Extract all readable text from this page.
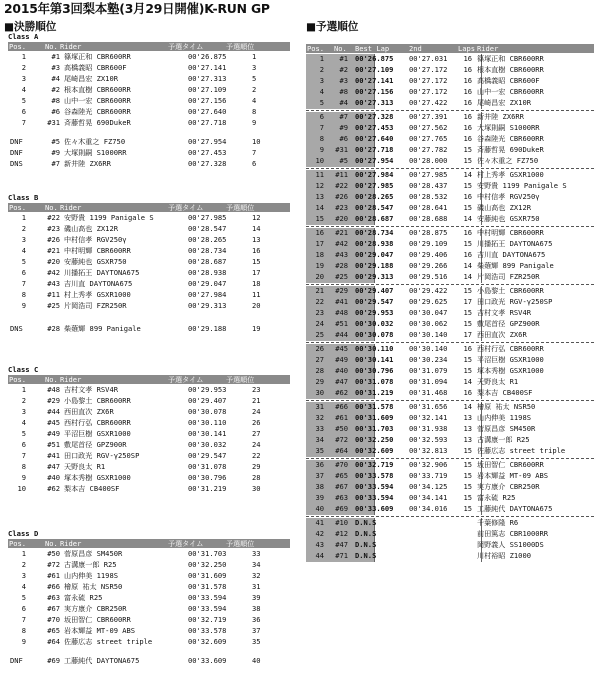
2015年第3回梨本塾(3月29日開催)K-RUN GP
■決勝順位	■予選順位
Class A
Pos.	No. Rider	予選タイム	予選順位
1	#1 篠塚正和 CBR600RR	00'26.875	1
2	#3 高橋義昭 CBR600F	00'27.141	3
3	#4 尾崎昌宏 ZX10R	00'27.313	5
4	#2 根本直樹 CBR600RR	00'27.109	2
5	#8 山中一宏 CBR600RR	00'27.156	4
6	#6 谷森陸光 CBR600RR	00'27.640	8
7	#31 斉藤哲晃 690DukeR	00'27.718	9
DNF	#5 佐々木重之 FZ750	00'27.954	10
DNF	#9 大塚則嗣 S1000RR	00'27.453	7
DNS	#7 新井陸 ZX6RR	00'27.328	6
Class B
Pos.	No. Rider	予選タイム	予選順位
1	#22 安野貴 1199 Panigale S	00'27.985	12
2	#23 磯山高也 ZX12R	00'28.547	14
3	#26 中村信孝 RGV250γ	00'28.265	13
4	#21 中村明輝 CBR600RR	00'28.734	16
5	#20 安藤純也 GSXR750	00'28.687	15
6	#42 川播拓王 DAYTONA675	00'28.938	17
7	#43 吉川直 DAYTONA675	00'29.047	18
8	#11 村上秀孝 GSXR1000	00'27.984	11
9	#25 片岡浩司 FZR250R	00'29.313	20
DNS	#28 柴薙輝 899 Panigale	00'29.188	19
Class C
Pos.	No. Rider	予選タイム	予選順位
1	#48 吉村文孝 RSV4R	00'29.953	23
2	#29 小島黎土 CBR600RR	00'29.407	21
3	#44 西田直次 ZX6R	00'30.078	24
4	#45 西村行弘 CBR600RR	00'30.110	26
5	#49 平沼巨樹 GSXR1000	00'30.141	27
6	#51 敷尾首径 GPZ900R	00'30.032	24
7	#41 田口政光 RGV-γ250SP	00'29.547	22
8	#47 天野良太 R1	00'31.078	29
9	#40 塚本秀樹 GSXR1000	00'30.796	28
10	#62 梨本吉 CB400SF	00'31.219	30
Class D
Pos.	No. Rider	予選タイム	予選順位
1	#50 菅原昌彦 SM450R	00'31.703	33
2	#72 古溝康一郎 R25	00'32.250	34
3	#61 山内伸美 1198S	00'31.609	32
4	#66 檜原 祐太 NSR50	00'31.578	31
5	#63 富永硫 R25	00'33.594	39
6	#67 実方康介 CBR250R	00'33.594	38
7	#70 坂田智仁 CBR600RR	00'32.719	36
8	#65 岩本輝益 MT-09 ABS	00'33.578	37
9	#64 佐藤広志 street triple	00'32.609	35
DNF	#69 工藤純代 DAYTONA675	00'33.609	40
Pos. No. Best Lap	2nd	Laps Rider
1	#1 00'26.875 00'27.031	16 篠塚正和 CBR600RR
2	#2 00'27.109 00'27.172	16 根本直樹 CBR600RR
3	#3 00'27.141 00'27.172	16 高橋義昭 CBR600F
4	#8 00'27.156 00'27.172	16 山中一宏 CBR600RR
5	#4 00'27.313 00'27.422	16 尾崎昌宏 ZX10R
6	#7 00'27.328 00'27.391	16 新井陸 ZX6RR
7	#9 00'27.453 00'27.562	16 大塚則嗣 S1000RR
8	#6 00'27.640 00'27.765	16 谷森陸光 CBR600RR
9	#31 00'27.718 00'27.782	15 斉藤哲晃 690DukeR
10	#5 00'27.954 00'28.000	15 佐々木重之 FZ750
11	#11 00'27.984 00'27.985	14 村上秀孝 GSXR1000
12	#22 00'27.985 00'28.437	15 安野貴 1199 Panigale S
13	#26 00'28.265 00'28.532	16 中村信孝 RGV250γ
14	#23 00'28.547 00'28.641	15 磯山高也 ZX12R
15	#20 00'28.687 00'28.688	14 安藤純也 GSXR750
16	#21 00'28.734 00'28.875	16 中村明輝 CBR600RR
17	#42 00'28.938 00'29.109	15 川播拓王 DAYTONA675
18	#43 00'29.047 00'29.406	16 吉川直 DAYTONA675
19	#28 00'29.188 00'29.266	14 柴薙輝 899 Panigale
20	#25 00'29.313 00'29.516	14 片岡浩司 FZR250R
21	#29 00'29.407 00'29.422	15 小島黎土 CBR600RR
22	#41 00'29.547 00'29.625	17 田口政光 RGV-γ250SP
23	#48 00'29.953 00'30.047	15 吉村文孝 RSV4R
24	#51 00'30.032 00'30.062	15 敷尾首径 GPZ900R
25	#44 00'30.078 00'30.140	17 西田直次 ZX6R
26	#45 00'30.110 00'30.140	16 西村行弘 CBR600RR
27	#49 00'30.141 00'30.234	15 平沼巨樹 GSXR1000
28	#40 00'30.796 00'31.079	15 塚本秀樹 GSXR1000
29	#47 00'31.078 00'31.094	14 天野良太 R1
30	#62 00'31.219 00'31.468	16 梨本吉 CB400SF
31	#66 00'31.578 00'31.656	14 檜原 祐太 NSR50
32	#61 00'31.609 00'32.141	13 山内伸美 1198S
33	#50 00'31.703 00'31.938	13 菅原昌彦 SM450R
34	#72 00'32.250 00'32.593	13 古溝康一郎 R25
35	#64 00'32.609 00'32.813	15 佐藤広志 street triple
36	#70 00'32.719 00'32.906	15 坂田智仁 CBR600RR
37	#65 00'33.578 00'33.719	15 岩本輝益 MT-09 ABS
38	#67 00'33.594 00'34.125	15 実方康介 CBR250R
39	#63 00'33.594 00'34.141	15 富永硫 R25
40	#69 00'33.609 00'34.016	15 工藤純代 DAYTONA675
41	#10 D.N.S	千葉修隆 R6
42	#12 D.N.S	前田篤志 CBR1000RR
43	#47 D.N.S	岡野義人 SS1000DS
44	#71 D.N.S	川村裕昭 Z1000
